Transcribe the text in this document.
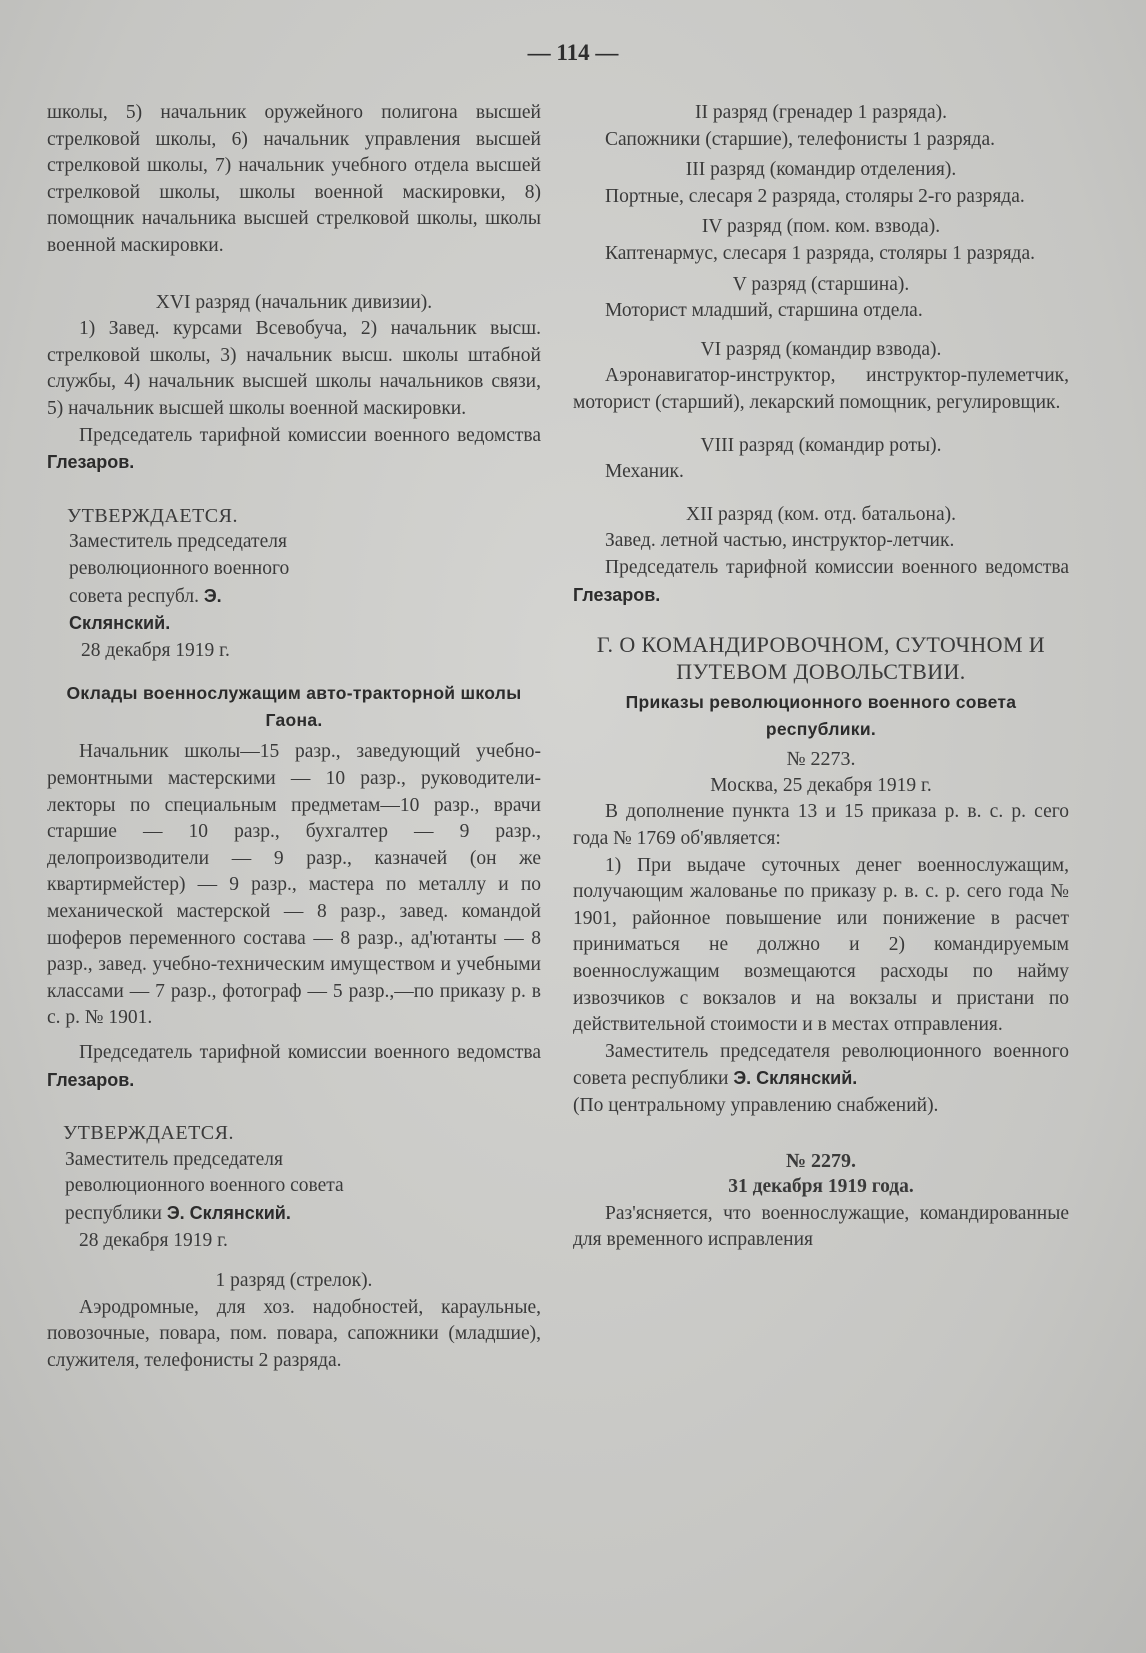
— 114 —

школы, 5) начальник оружейного полигона высшей стрелковой школы, 6) начальник управления высшей стрелковой школы, 7) начальник учебного отдела высшей стрелковой школы, школы военной маскировки, 8) помощник начальника высшей стрелковой школы, школы военной маскировки.

XVI разряд (начальник дивизии).

1) Завед. курсами Всевобуча, 2) начальник высш. стрелковой школы, 3) начальник высш. школы штабной службы, 4) начальник высшей школы начальников связи, 5) начальник высшей школы военной маскировки.

Председатель тарифной комиссии военного ведомства Глезаров.

УТВЕРЖДАЕТСЯ.

Заместитель председателя революционного военного совета республ. Э. Склянский.

28 декабря 1919 г.

Оклады военнослужащим авто-тракторной школы Гаона.

Начальник школы—15 разр., заведующий учебно-ремонтными мастерскими — 10 разр., руководители-лекторы по специальным предметам—10 разр., врачи старшие — 10 разр., бухгалтер — 9 разр., делопроизводители — 9 разр., казначей (он же квартирмейстер) — 9 разр., мастера по металлу и по механической мастерской — 8 разр., завед. командой шоферов переменного состава — 8 разр., ад'ютанты — 8 разр., завед. учебно-техническим имуществом и учебными классами — 7 разр., фотограф — 5 разр.,—по приказу р. в с. р. № 1901.

Председатель тарифной комиссии военного ведомства Глезаров.

УТВЕРЖДАЕТСЯ.

Заместитель председателя революционного военного совета республики Э. Склянский.

28 декабря 1919 г.

1 разряд (стрелок).

Аэродромные, для хоз. надобностей, караульные, повозочные, повара, пом. повара, сапожники (младшие), служителя, телефонисты 2 разряда.

II разряд (гренадер 1 разряда).

Сапожники (старшие), телефонисты 1 разряда.

III разряд (командир отделения).

Портные, слесаря 2 разряда, столяры 2-го разряда.

IV разряд (пом. ком. взвода).

Каптенармус, слесаря 1 разряда, столяры 1 разряда.

V разряд (старшина).

Моторист младший, старшина отдела.

VI разряд (командир взвода).

Аэронавигатор-инструктор, инструктор-пулеметчик, моторист (старший), лекарский помощник, регулировщик.

VIII разряд (командир роты).

Механик.

XII разряд (ком. отд. батальона).

Завед. летной частью, инструктор-летчик.

Председатель тарифной комиссии военного ведомства Глезаров.

Г. О КОМАНДИРОВОЧНОМ, СУТОЧНОМ И ПУТЕВОМ ДОВОЛЬСТВИИ.

Приказы революционного военного совета республики.

№ 2273.

Москва, 25 декабря 1919 г.

В дополнение пункта 13 и 15 приказа р. в. с. р. сего года № 1769 об'является:

1) При выдаче суточных денег военнослужащим, получающим жалованье по приказу р. в. с. р. сего года № 1901, районное повышение или понижение в расчет приниматься не должно и 2) командируемым военнослужащим возмещаются расходы по найму извозчиков с вокзалов и на вокзалы и пристани по действительной стоимости и в местах отправления.

Заместитель председателя революционного военного совета республики Э. Склянский.

(По центральному управлению снабжений).

№ 2279.

31 декабря 1919 года.

Раз'ясняется, что военнослужащие, командированные для временного исправления
